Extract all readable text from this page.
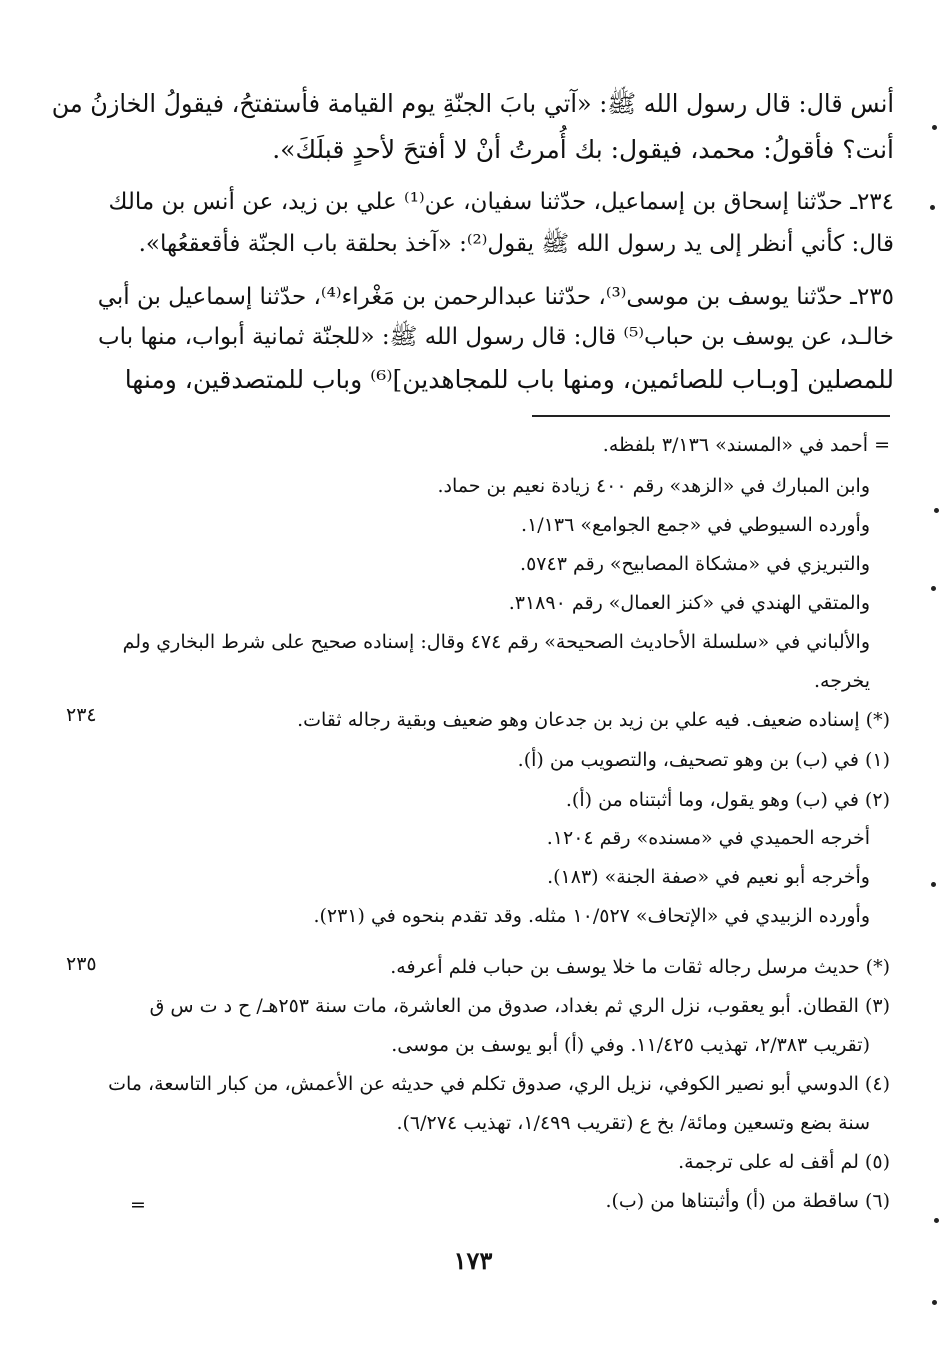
أنس قال: قال رسول الله ﷺ: «آتي بابَ الجنّةِ يوم القيامة فأستفتحُ، فيقولُ الخازنُ من
أنت؟ فأقولُ: محمد، فيقول: بك أُمرتُ أنْ لا أفتحَ لأحدٍ قبلَكَ».
٢٣٤ـ حدّثنا إسحاق بن إسماعيل، حدّثنا سفيان، عن⁽¹⁾ علي بن زيد، عن أنس بن مالك
قال: كأني أنظر إلى يد رسول الله ﷺ يقول⁽²⁾: «آخذ بحلقة باب الجنّة فأقعقعُها».
٢٣٥ـ حدّثنا يوسف بن موسى⁽³⁾، حدّثنا عبدالرحمن بن مَغْراء⁽⁴⁾، حدّثنا إسماعيل بن أبي
خالـد، عن يوسف بن حباب⁽⁵⁾ قال: قال رسول الله ﷺ: «للجنّة ثمانية أبواب، منها باب
للمصلين [وبـاب للصائمين، ومنها باب للمجاهدين]⁽⁶⁾ وباب للمتصدقين، ومنها
= أحمد في «المسند» ٣/١٣٦ بلفظه.
وابن المبارك في «الزهد» رقم ٤٠٠ زيادة نعيم بن حماد.
وأورده السيوطي في «جمع الجوامع» ١/١٣٦.
والتبريزي في «مشكاة المصابيح» رقم ٥٧٤٣.
والمتقي الهندي في «كنز العمال» رقم ٣١٨٩٠.
والألباني في «سلسلة الأحاديث الصحيحة» رقم ٤٧٤ وقال: إسناده صحيح على شرط البخاري ولم
يخرجه.
(*) إسناده ضعيف. فيه علي بن زيد بن جدعان وهو ضعيف وبقية رجاله ثقات.
(١) في (ب) بن وهو تصحيف، والتصويب من (أ).
(٢) في (ب) وهو يقول، وما أثبتناه من (أ).
أخرجه الحميدي في «مسنده» رقم ١٢٠٤.
وأخرجه أبو نعيم في «صفة الجنة» (١٨٣).
وأورده الزبيدي في «الإتحاف» ١٠/٥٢٧ مثله. وقد تقدم بنحوه في (٢٣١).
(*) حديث مرسل رجاله ثقات ما خلا يوسف بن حباب فلم أعرفه.
(٣) القطان. أبو يعقوب، نزل الري ثم بغداد، صدوق من العاشرة، مات سنة ٢٥٣هـ/ ح د ت س ق
(تقريب ٢/٣٨٣، تهذيب ١١/٤٢٥. وفي (أ) أبو يوسف بن موسى.
(٤) الدوسي أبو نصير الكوفي، نزيل الري، صدوق تكلم في حديثه عن الأعمش، من كبار التاسعة، مات
سنة بضع وتسعين ومائة/ بخ ع (تقريب ١/٤٩٩، تهذيب ٦/٢٧٤).
(٥) لم أقف له على ترجمة.
(٦) ساقطة من (أ) وأثبتناها من (ب).
٢٣٤
٢٣٥
=
١٧٣
